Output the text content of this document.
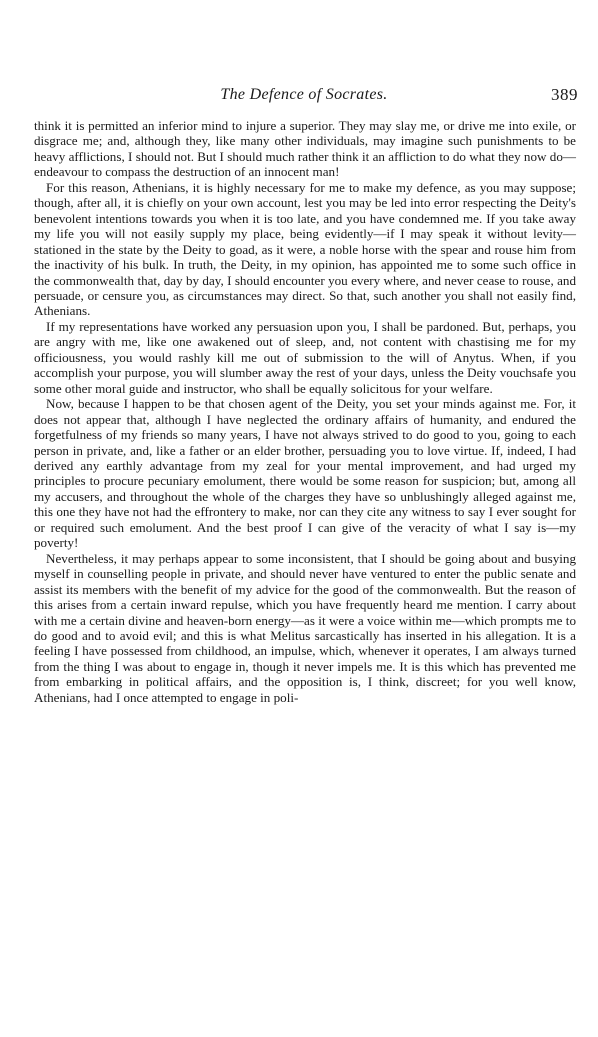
The Defence of Socrates.	389

think it is permitted an inferior mind to injure a superior. They may slay me, or drive me into exile, or disgrace me; and, although they, like many other individuals, may imagine such punishments to be heavy afflictions, I should not. But I should much rather think it an affliction to do what they now do—endeavour to compass the destruction of an innocent man!

For this reason, Athenians, it is highly necessary for me to make my defence, as you may suppose; though, after all, it is chiefly on your own account, lest you may be led into error respecting the Deity's benevolent intentions towards you when it is too late, and you have condemned me. If you take away my life you will not easily supply my place, being evidently—if I may speak it without levity—stationed in the state by the Deity to goad, as it were, a noble horse with the spear and rouse him from the inactivity of his bulk. In truth, the Deity, in my opinion, has appointed me to some such office in the commonwealth that, day by day, I should encounter you every where, and never cease to rouse, and persuade, or censure you, as circumstances may direct. So that, such another you shall not easily find, Athenians.

If my representations have worked any persuasion upon you, I shall be pardoned. But, perhaps, you are angry with me, like one awakened out of sleep, and, not content with chastising me for my officiousness, you would rashly kill me out of submission to the will of Anytus. When, if you accomplish your purpose, you will slumber away the rest of your days, unless the Deity vouchsafe you some other moral guide and instructor, who shall be equally solicitous for your welfare.

Now, because I happen to be that chosen agent of the Deity, you set your minds against me. For, it does not appear that, although I have neglected the ordinary affairs of humanity, and endured the forgetfulness of my friends so many years, I have not always strived to do good to you, going to each person in private, and, like a father or an elder brother, persuading you to love virtue. If, indeed, I had derived any earthly advantage from my zeal for your mental improvement, and had urged my principles to procure pecuniary emolument, there would be some reason for suspicion; but, among all my accusers, and throughout the whole of the charges they have so unblushingly alleged against me, this one they have not had the effrontery to make, nor can they cite any witness to say I ever sought for or required such emolument. And the best proof I can give of the veracity of what I say is—my poverty!

Nevertheless, it may perhaps appear to some inconsistent, that I should be going about and busying myself in counselling people in private, and should never have ventured to enter the public senate and assist its members with the benefit of my advice for the good of the commonwealth. But the reason of this arises from a certain inward repulse, which you have frequently heard me mention. I carry about with me a certain divine and heaven-born energy—as it were a voice within me—which prompts me to do good and to avoid evil; and this is what Melitus sarcastically has inserted in his allegation. It is a feeling I have possessed from childhood, an impulse, which, whenever it operates, I am always turned from the thing I was about to engage in, though it never impels me. It is this which has prevented me from embarking in political affairs, and the opposition is, I think, discreet; for you well know, Athenians, had I once attempted to engage in poli-
